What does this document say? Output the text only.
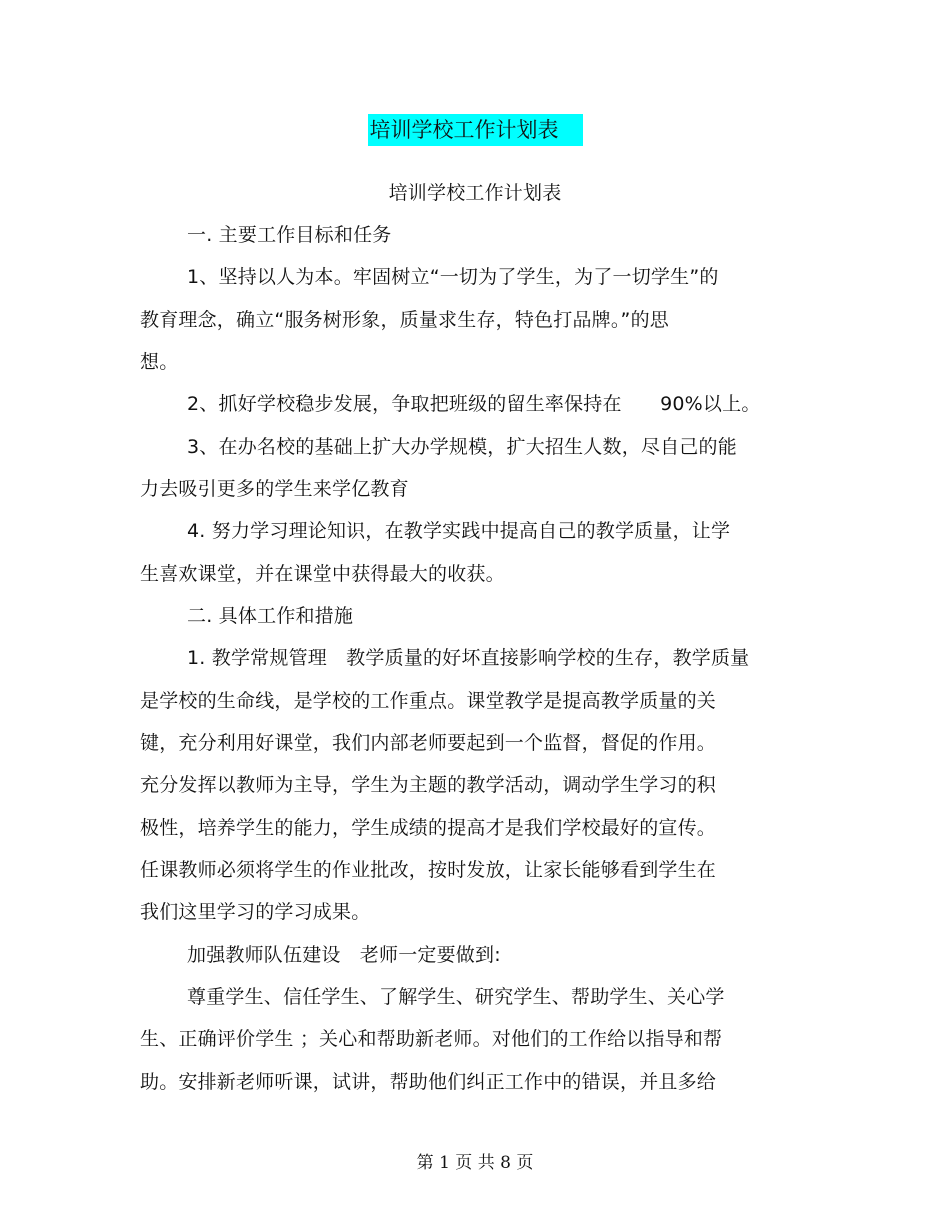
培训学校工作计划表
培训学校工作计划表
一. 主要工作目标和任务
1、坚持以人为本。牢固树立“一切为了学生，为了一切学生”的
教育理念，确立“服务树形象，质量求生存，特色打品牌。”的思
想。
2、抓好学校稳步发展，争取把班级的留生率保持在　　90%以上。
3、在办名校的基础上扩大办学规模，扩大招生人数，尽自己的能
力去吸引更多的学生来学亿教育
4. 努力学习理论知识，在教学实践中提高自己的教学质量，让学
生喜欢课堂，并在课堂中获得最大的收获。
二. 具体工作和措施
1. 教学常规管理　教学质量的好坏直接影响学校的生存，教学质量
是学校的生命线，是学校的工作重点。课堂教学是提高教学质量的关
键，充分利用好课堂，我们内部老师要起到一个监督，督促的作用。
充分发挥以教师为主导，学生为主题的教学活动，调动学生学习的积
极性，培养学生的能力，学生成绩的提高才是我们学校最好的宣传。
任课教师必须将学生的作业批改，按时发放，让家长能够看到学生在
我们这里学习的学习成果。
加强教师队伍建设　老师一定要做到:
尊重学生、信任学生、了解学生、研究学生、帮助学生、关心学
生、正确评价学生 ；关心和帮助新老师。对他们的工作给以指导和帮
助。安排新老师听课，试讲，帮助他们纠正工作中的错误，并且多给
第 1 页 共 8 页
